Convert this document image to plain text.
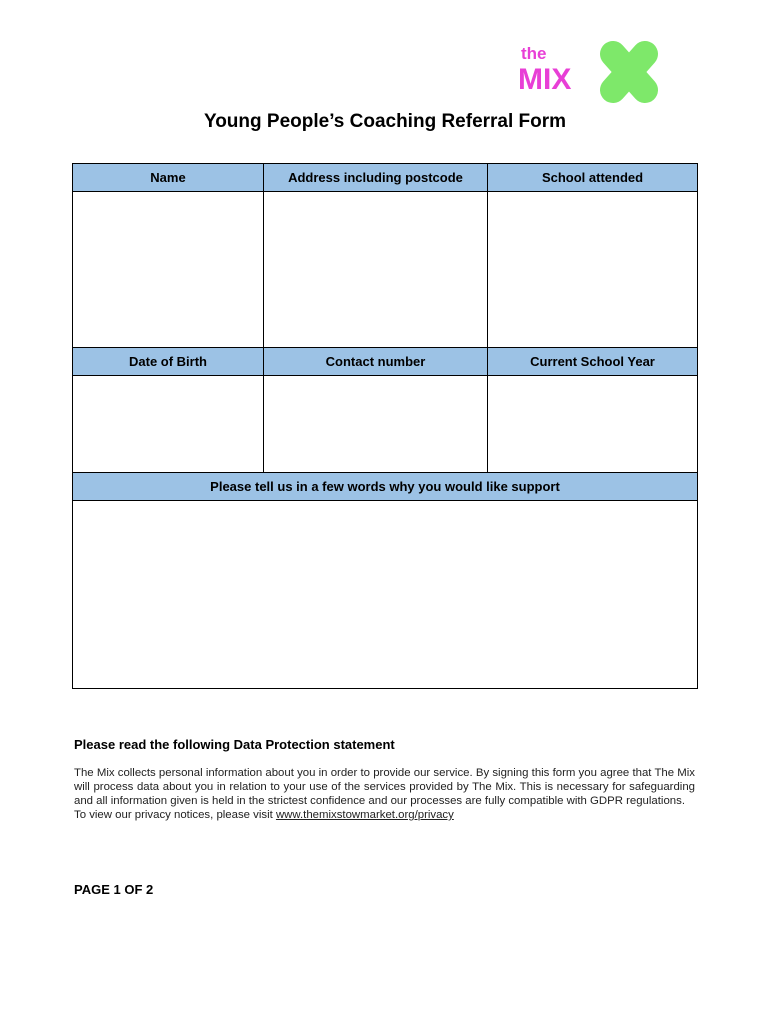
the
MIX
Young People’s Coaching Referral Form
Name	Address including postcode	School attended

Date of Birth	Contact number	Current School Year

Please tell us in a few words why you would like support		

Please read the following Data Protection statement

The Mix collects personal information about you in order to provide our service. By signing this form you agree that The Mix will process data about you in relation to your use of the services provided by The Mix. This is necessary for safeguarding and all information given is held in the strictest confidence and our processes are fully compatible with GDPR regulations.

To view our privacy notices, please visit www.themixstowmarket.org/privacy

PAGE 1 OF 2
